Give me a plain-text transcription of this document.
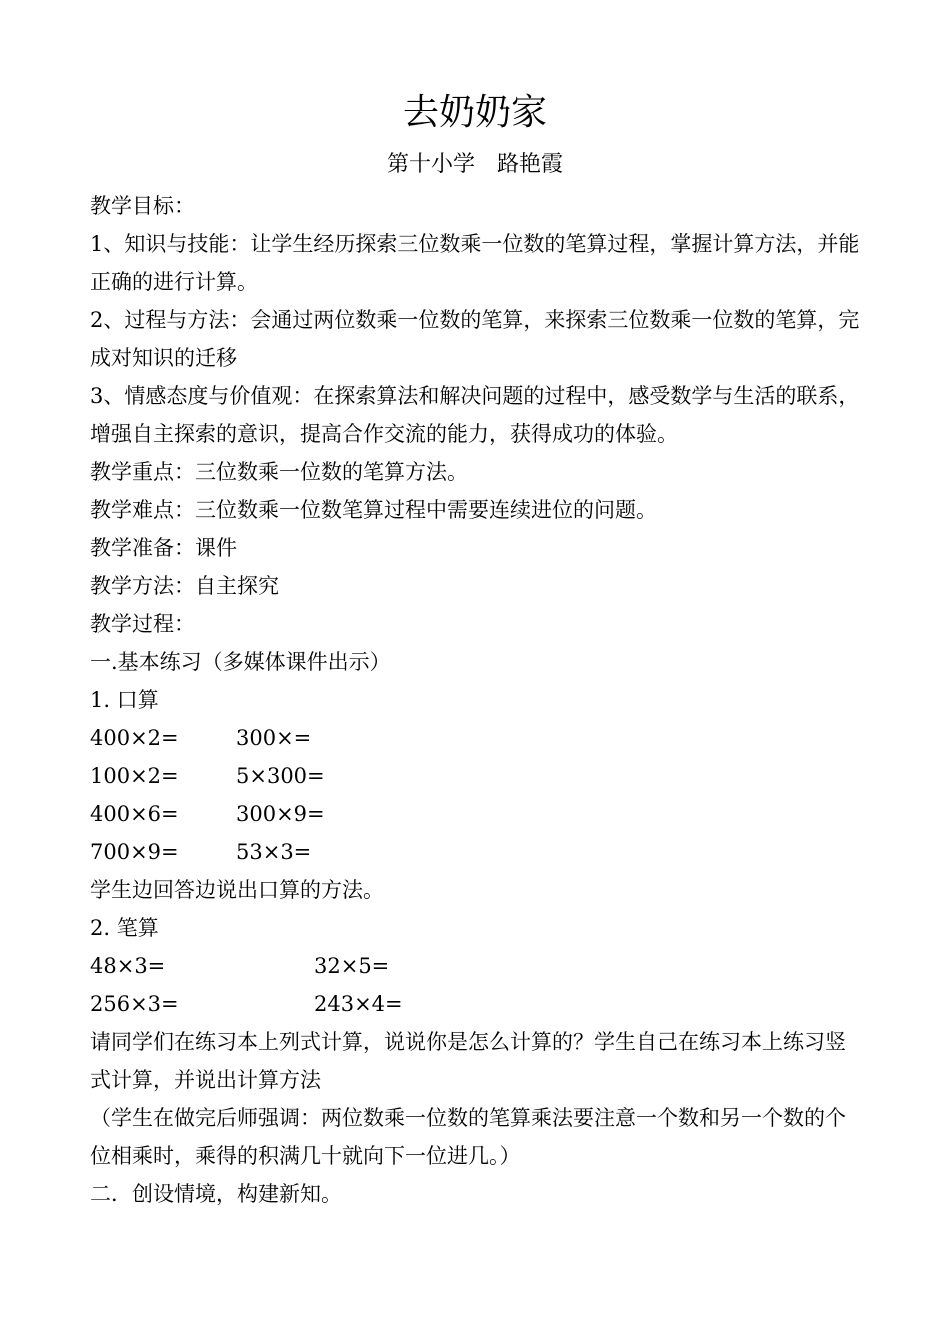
去奶奶家
第十小学　路艳霞

教学目标：

1、知识与技能：让学生经历探索三位数乘一位数的笔算过程，掌握计算方法，并能正确的进行计算。

2、过程与方法：会通过两位数乘一位数的笔算，来探索三位数乘一位数的笔算，完成对知识的迁移

3、情感态度与价值观：在探索算法和解决问题的过程中，感受数学与生活的联系，增强自主探索的意识，提高合作交流的能力，获得成功的体验。

教学重点：三位数乘一位数的笔算方法。

教学难点：三位数乘一位数笔算过程中需要连续进位的问题。

教学准备：课件

教学方法：自主探究

教学过程：

一.基本练习（多媒体课件出示）

1. 口算

400×2=	300×=
100×2=	5×300=
400×6=	300×9=
700×9=	53×3=

学生边回答边说出口算的方法。

2. 笔算

48×3=	32×5=
256×3=	243×4=

请同学们在练习本上列式计算，说说你是怎么计算的？学生自己在练习本上练习竖式计算，并说出计算方法

（学生在做完后师强调：两位数乘一位数的笔算乘法要注意一个数和另一个数的个位相乘时，乘得的积满几十就向下一位进几。）

二．创设情境，构建新知。
